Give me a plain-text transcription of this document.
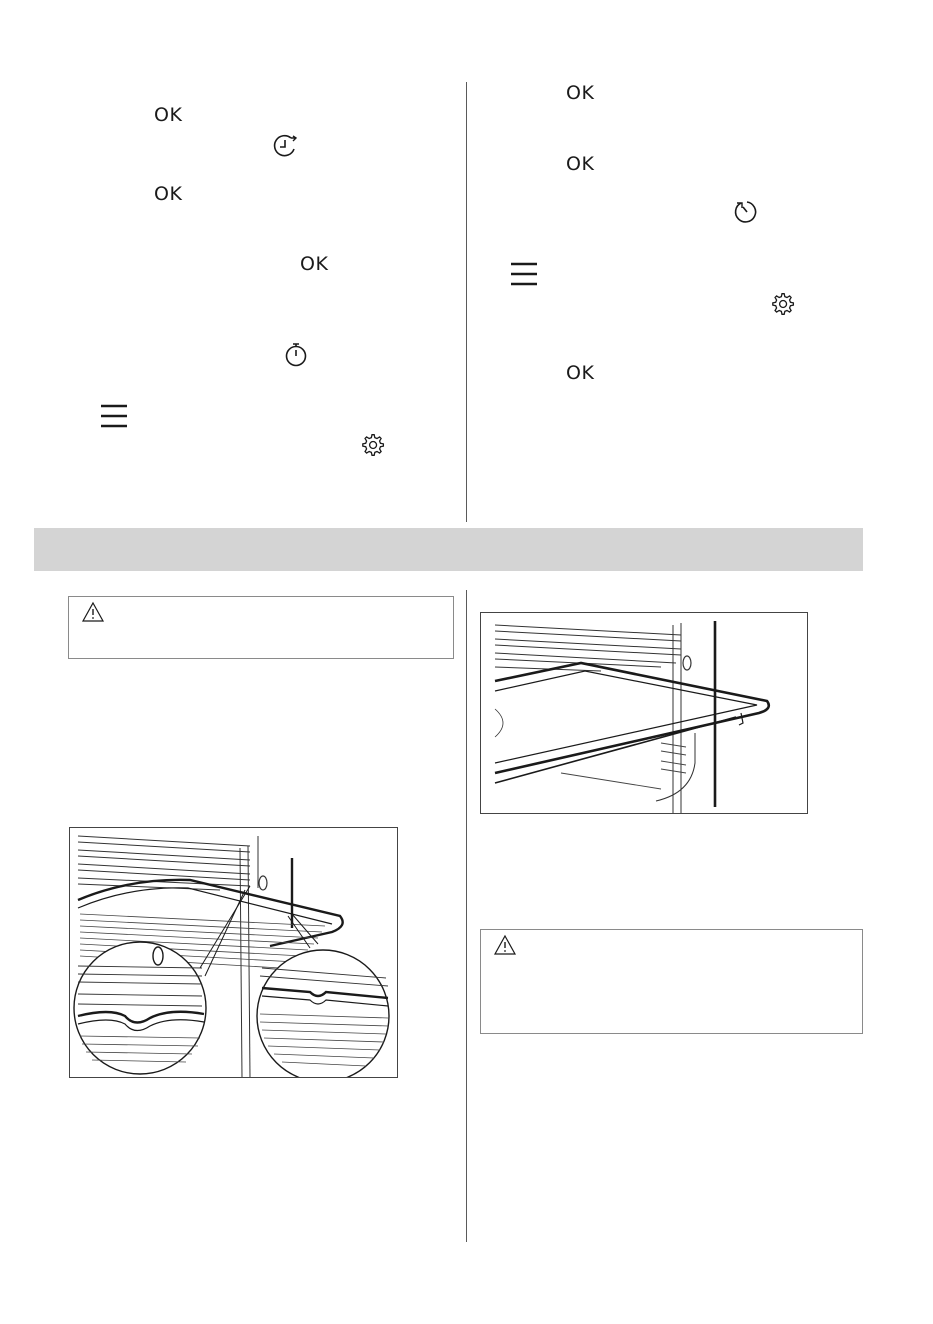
OK
OK
OK
OK
OK
OK
